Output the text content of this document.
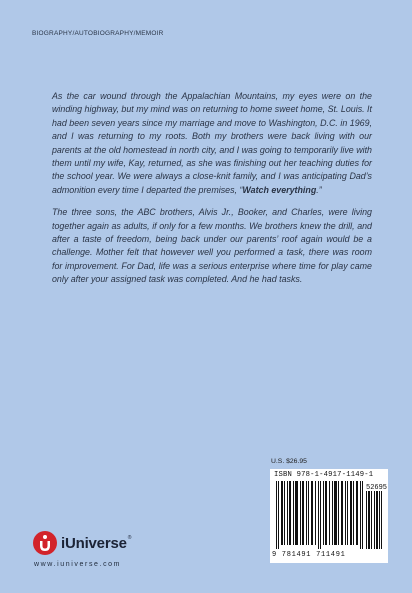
BIOGRAPHY/AUTOBIOGRAPHY/MEMOIR

As the car wound through the Appalachian Mountains, my eyes were on the winding highway, but my mind was on returning to home sweet home, St. Louis. It had been seven years since my marriage and move to Washington, D.C. in 1969, and I was returning to my roots. Both my brothers were back living with our parents at the old homestead in north city, and I was going to temporarily live with them until my wife, Kay, returned, as she was finishing out her teaching duties for the school year. We were always a close-knit family, and I was anticipating Dad’s admonition every time I departed the premises, “Watch everything.”

The three sons, the ABC brothers, Alvis Jr., Booker, and Charles, were living together again as adults, if only for a few months. We brothers knew the drill, and after a taste of freedom, being back under our parents’ roof again would be a challenge. Mother felt that however well you performed a task, there was room for improvement. For Dad, life was a serious enterprise where time for play came only after your assigned task was completed. And he had tasks.

U.S. $26.95
ISBN 978-1-4917-1149-1
52695
9 781491 711491
iUniverse®
www.iuniverse.com
